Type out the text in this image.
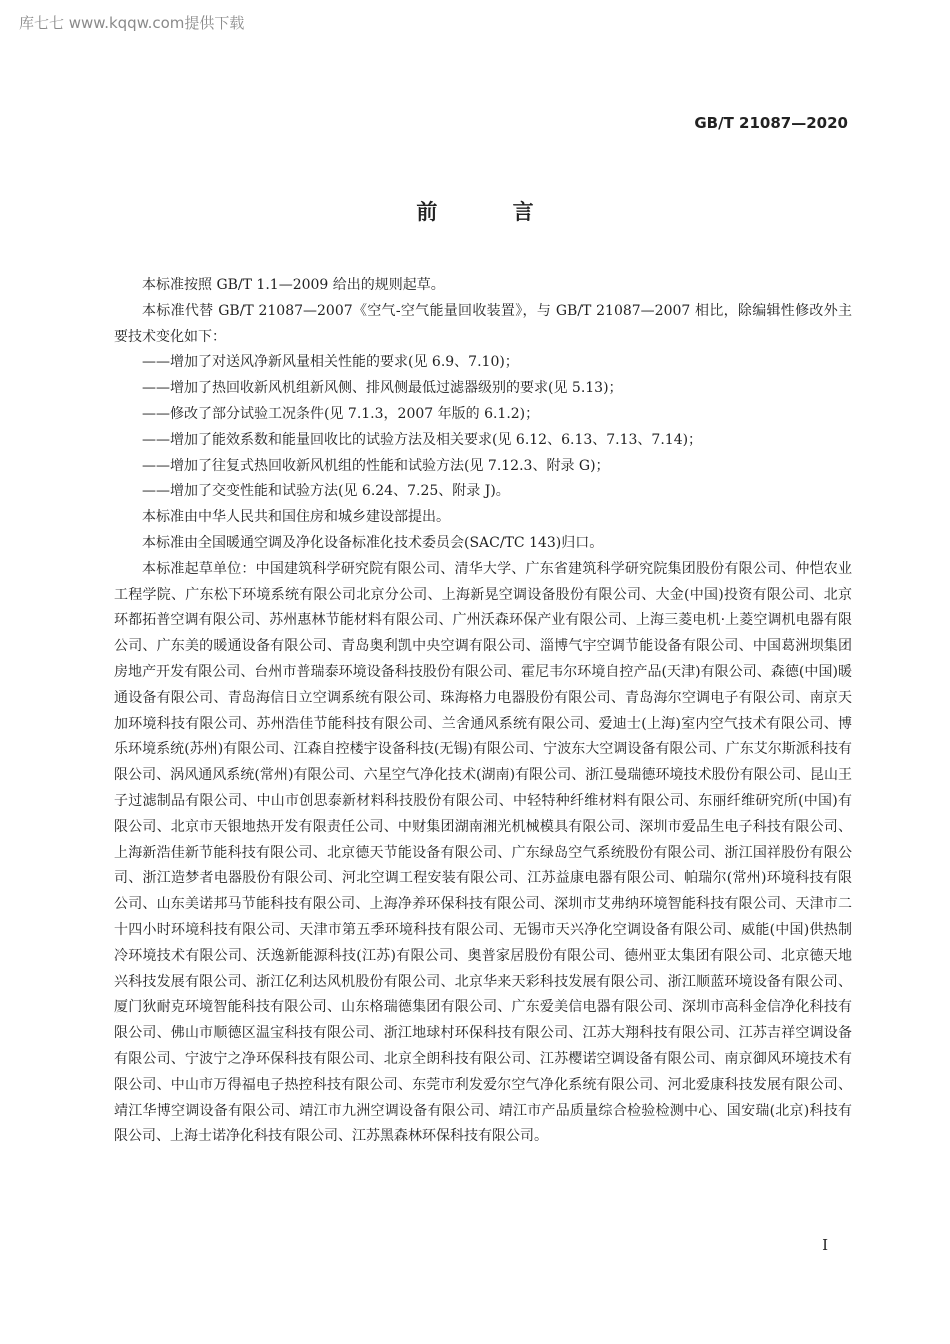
库七七 www.kqqw.com提供下载
GB/T 21087—2020
前 言

本标准按照 GB/T 1.1—2009 给出的规则起草。

本标准代替 GB/T 21087—2007《空气-空气能量回收装置》，与 GB/T 21087—2007 相比，除编辑性修改外主要技术变化如下：

——增加了对送风净新风量相关性能的要求(见 6.9、7.10)；

——增加了热回收新风机组新风侧、排风侧最低过滤器级别的要求(见 5.13)；

——修改了部分试验工况条件(见 7.1.3，2007 年版的 6.1.2)；

——增加了能效系数和能量回收比的试验方法及相关要求(见 6.12、6.13、7.13、7.14)；

——增加了往复式热回收新风机组的性能和试验方法(见 7.12.3、附录 G)；

——增加了交变性能和试验方法(见 6.24、7.25、附录 J)。

本标准由中华人民共和国住房和城乡建设部提出。

本标准由全国暖通空调及净化设备标准化技术委员会(SAC/TC 143)归口。

本标准起草单位：中国建筑科学研究院有限公司、清华大学、广东省建筑科学研究院集团股份有限公司、仲恺农业工程学院、广东松下环境系统有限公司北京分公司、上海新晃空调设备股份有限公司、大金(中国)投资有限公司、北京环都拓普空调有限公司、苏州惠林节能材料有限公司、广州沃森环保产业有限公司、上海三菱电机·上菱空调机电器有限公司、广东美的暖通设备有限公司、青岛奥利凯中央空调有限公司、淄博气宇空调节能设备有限公司、中国葛洲坝集团房地产开发有限公司、台州市普瑞泰环境设备科技股份有限公司、霍尼韦尔环境自控产品(天津)有限公司、森德(中国)暖通设备有限公司、青岛海信日立空调系统有限公司、珠海格力电器股份有限公司、青岛海尔空调电子有限公司、南京天加环境科技有限公司、苏州浩佳节能科技有限公司、兰舍通风系统有限公司、爱迪士(上海)室内空气技术有限公司、博乐环境系统(苏州)有限公司、江森自控楼宇设备科技(无锡)有限公司、宁波东大空调设备有限公司、广东艾尔斯派科技有限公司、涡风通风系统(常州)有限公司、六星空气净化技术(湖南)有限公司、浙江曼瑞德环境技术股份有限公司、昆山王子过滤制品有限公司、中山市创思泰新材料科技股份有限公司、中轻特种纤维材料有限公司、东丽纤维研究所(中国)有限公司、北京市天银地热开发有限责任公司、中财集团湖南湘光机械模具有限公司、深圳市爱品生电子科技有限公司、上海新浩佳新节能科技有限公司、北京德天节能设备有限公司、广东绿岛空气系统股份有限公司、浙江国祥股份有限公司、浙江造梦者电器股份有限公司、河北空调工程安装有限公司、江苏益康电器有限公司、帕瑞尔(常州)环境科技有限公司、山东美诺邦马节能科技有限公司、上海净养环保科技有限公司、深圳市艾弗纳环境智能科技有限公司、天津市二十四小时环境科技有限公司、天津市第五季环境科技有限公司、无锡市天兴净化空调设备有限公司、威能(中国)供热制冷环境技术有限公司、沃逸新能源科技(江苏)有限公司、奥普家居股份有限公司、德州亚太集团有限公司、北京德天地兴科技发展有限公司、浙江亿利达风机股份有限公司、北京华来天彩科技发展有限公司、浙江顺蓝环境设备有限公司、厦门狄耐克环境智能科技有限公司、山东格瑞德集团有限公司、广东爱美信电器有限公司、深圳市高科金信净化科技有限公司、佛山市顺德区温宝科技有限公司、浙江地球村环保科技有限公司、江苏大翔科技有限公司、江苏吉祥空调设备有限公司、宁波宁之净环保科技有限公司、北京全朗科技有限公司、江苏樱诺空调设备有限公司、南京御风环境技术有限公司、中山市万得福电子热控科技有限公司、东莞市利发爱尔空气净化系统有限公司、河北爱康科技发展有限公司、靖江华博空调设备有限公司、靖江市九洲空调设备有限公司、靖江市产品质量综合检验检测中心、国安瑞(北京)科技有限公司、上海士诺净化科技有限公司、江苏黑森林环保科技有限公司。

I
